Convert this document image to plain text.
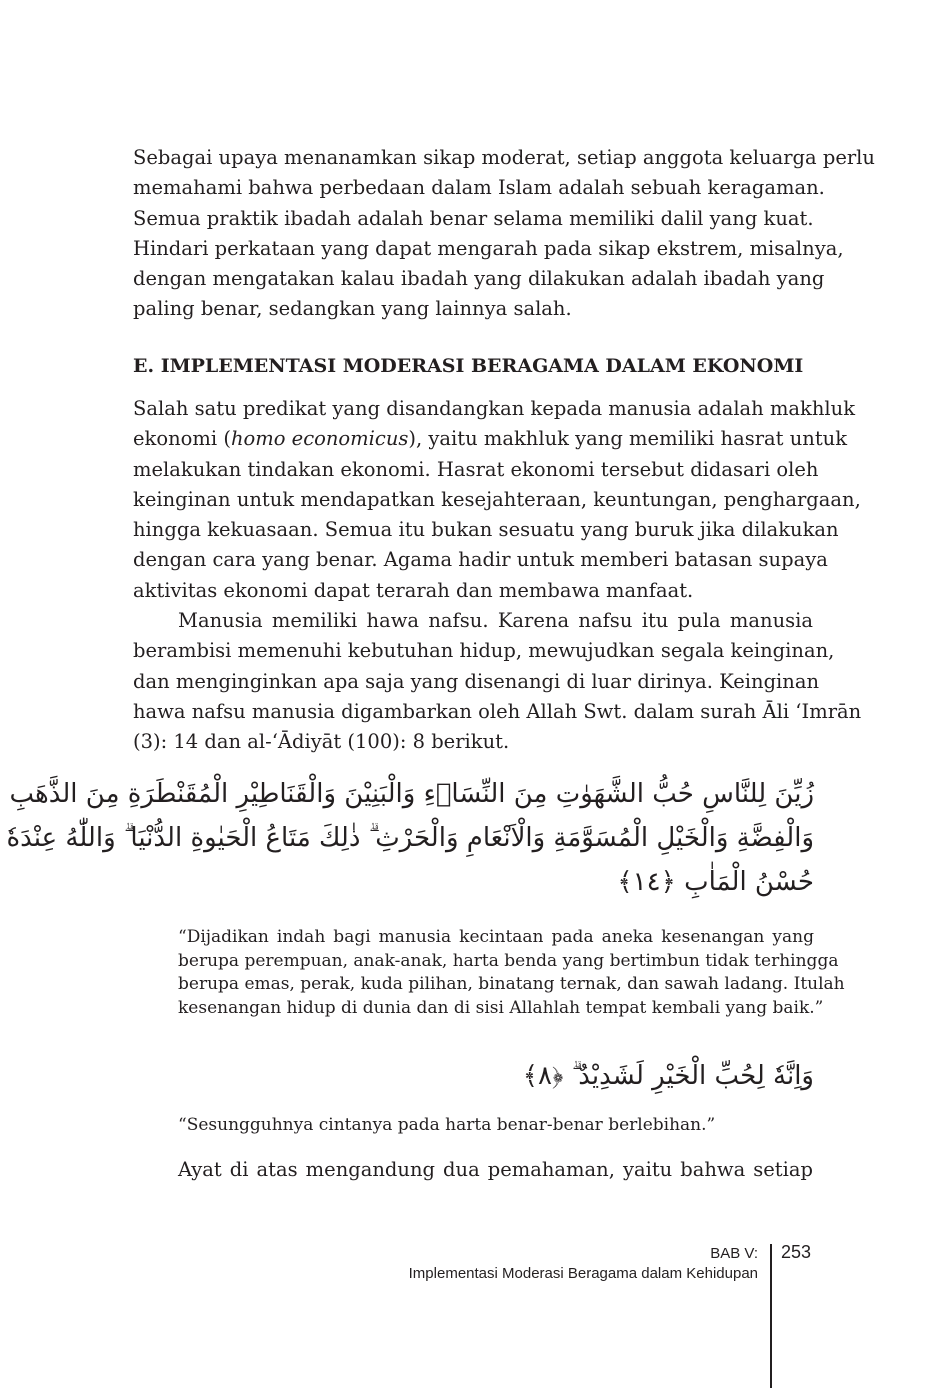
Sebagai upaya menanamkan sikap moderat, setiap anggota keluarga perlu
memahami bahwa perbedaan dalam Islam adalah sebuah keragaman.
Semua praktik ibadah adalah benar selama memiliki dalil yang kuat.
Hindari perkataan yang dapat mengarah pada sikap ekstrem, misalnya,
dengan mengatakan kalau ibadah yang dilakukan adalah ibadah yang
paling benar, sedangkan yang lainnya salah.
E. IMPLEMENTASI MODERASI BERAGAMA DALAM EKONOMI
Salah satu predikat yang disandangkan kepada manusia adalah makhluk
ekonomi (homo economicus), yaitu makhluk yang memiliki hasrat untuk
melakukan tindakan ekonomi. Hasrat ekonomi tersebut didasari oleh
keinginan untuk mendapatkan kesejahteraan, keuntungan, penghargaan,
hingga kekuasaan. Semua itu bukan sesuatu yang buruk jika dilakukan
dengan cara yang benar. Agama hadir untuk memberi batasan supaya
aktivitas ekonomi dapat terarah dan membawa manfaat.
Manusia memiliki hawa nafsu. Karena nafsu itu pula manusia
berambisi memenuhi kebutuhan hidup, mewujudkan segala keinginan,
dan menginginkan apa saja yang disenangi di luar dirinya. Keinginan
hawa nafsu manusia digambarkan oleh Allah Swt. dalam surah Āli ‘Imrān
(3): 14 dan al-‘Ādiyāt (100): 8 berikut.
زُيِّنَ لِلنَّاسِ حُبُّ الشَّهَوٰتِ مِنَ النِّسَاۤءِ وَالْبَنِيْنَ وَالْقَنَاطِيْرِ الْمُقَنْطَرَةِ مِنَ الذَّهَبِ
وَالْفِضَّةِ وَالْخَيْلِ الْمُسَوَّمَةِ وَالْاَنْعَامِ وَالْحَرْثِ ۗ ذٰلِكَ مَتَاعُ الْحَيٰوةِ الدُّنْيَا ۗ وَاللّٰهُ عِنْدَهٗ
حُسْنُ الْمَاٰبِ ﴿١٤﴾
“Dijadikan indah bagi manusia kecintaan pada aneka kesenangan yang
berupa perempuan, anak-anak, harta benda yang bertimbun tidak terhingga
berupa emas, perak, kuda pilihan, binatang ternak, dan sawah ladang. Itulah
kesenangan hidup di dunia dan di sisi Allahlah tempat kembali yang baik.”
وَاِنَّهٗ لِحُبِّ الْخَيْرِ لَشَدِيْدٌ ۗ ﴿٨﴾
“Sesungguhnya cintanya pada harta benar-benar berlebihan.”
Ayat di atas mengandung dua pemahaman, yaitu bahwa setiap
BAB V:
Implementasi Moderasi Beragama dalam Kehidupan
253
